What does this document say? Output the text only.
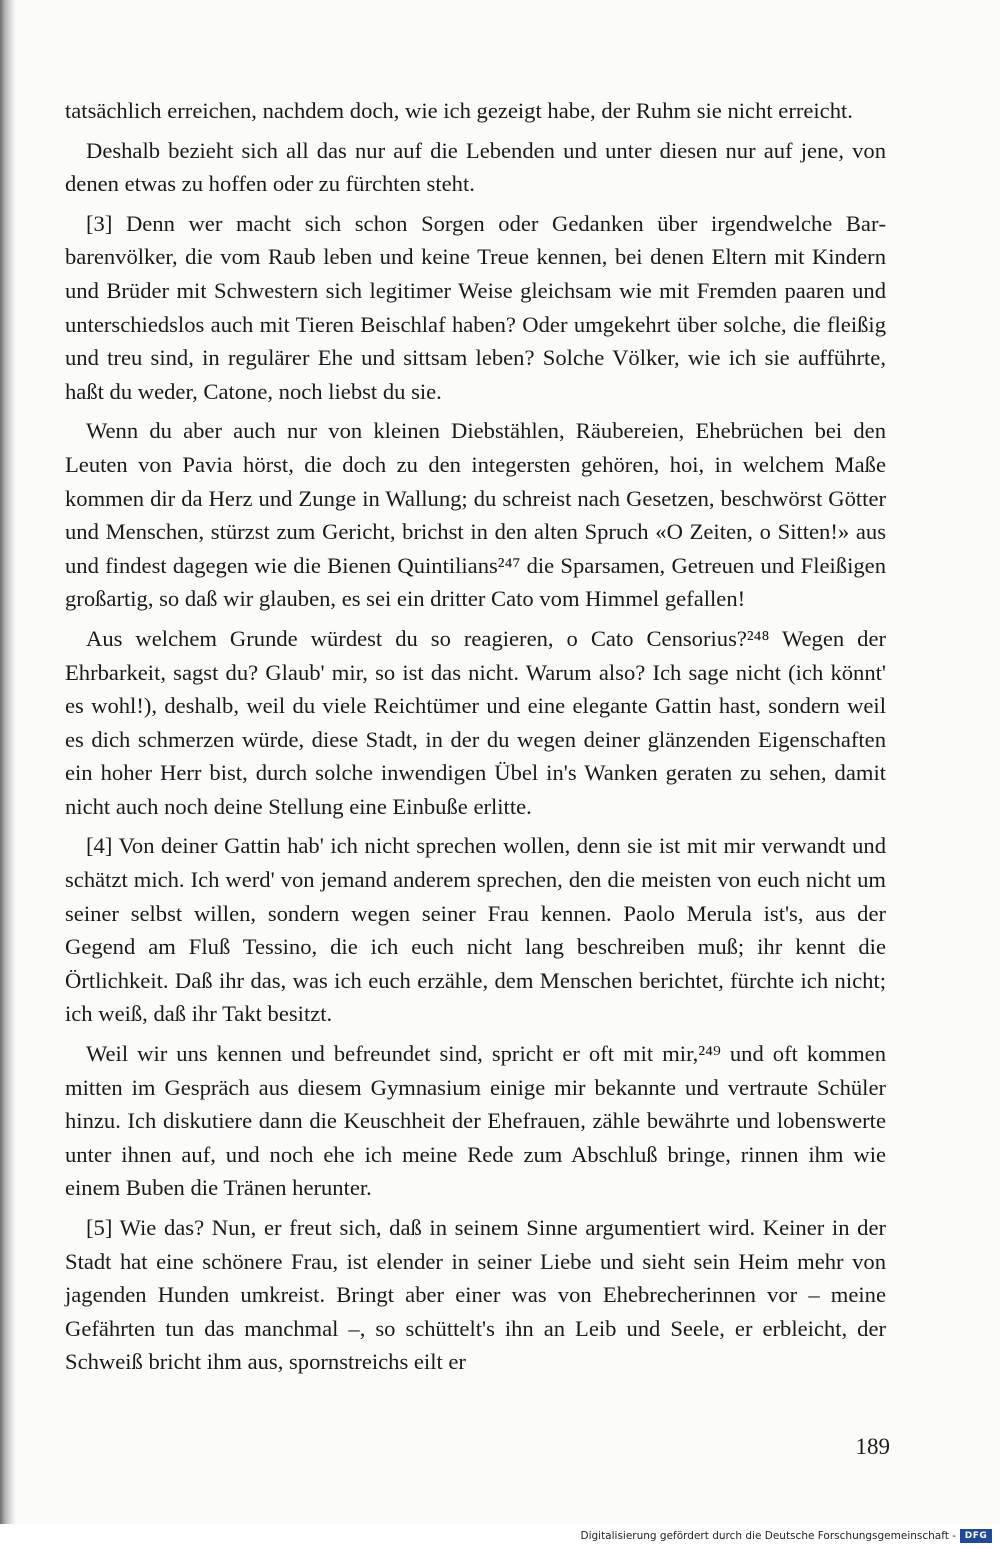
tatsächlich erreichen, nachdem doch, wie ich gezeigt habe, der Ruhm sie nicht erreicht.

Deshalb bezieht sich all das nur auf die Lebenden und unter diesen nur auf jene, von denen etwas zu hoffen oder zu fürchten steht.

[3] Denn wer macht sich schon Sorgen oder Gedanken über irgendwelche Barbarenvölker, die vom Raub leben und keine Treue kennen, bei denen Eltern mit Kindern und Brüder mit Schwestern sich legitimer Weise gleichsam wie mit Fremden paaren und unterschiedslos auch mit Tieren Beischlaf haben? Oder umgekehrt über solche, die fleißig und treu sind, in regulärer Ehe und sittsam leben? Solche Völker, wie ich sie aufführte, haßt du weder, Catone, noch liebst du sie.

Wenn du aber auch nur von kleinen Diebstählen, Räubereien, Ehebrüchen bei den Leuten von Pavia hörst, die doch zu den integersten gehören, hoi, in welchem Maße kommen dir da Herz und Zunge in Wallung; du schreist nach Gesetzen, beschwörst Götter und Menschen, stürzst zum Gericht, brichst in den alten Spruch «O Zeiten, o Sitten!» aus und findest dagegen wie die Bienen Quintilians²⁴⁷ die Sparsamen, Getreuen und Fleißigen großartig, so daß wir glauben, es sei ein dritter Cato vom Himmel gefallen!

Aus welchem Grunde würdest du so reagieren, o Cato Censorius?²⁴⁸ Wegen der Ehrbarkeit, sagst du? Glaub' mir, so ist das nicht. Warum also? Ich sage nicht (ich könnt' es wohl!), deshalb, weil du viele Reichtümer und eine elegante Gattin hast, sondern weil es dich schmerzen würde, diese Stadt, in der du wegen deiner glänzenden Eigenschaften ein hoher Herr bist, durch solche inwendigen Übel in's Wanken geraten zu sehen, damit nicht auch noch deine Stellung eine Einbuße erlitte.

[4] Von deiner Gattin hab' ich nicht sprechen wollen, denn sie ist mit mir verwandt und schätzt mich. Ich werd' von jemand anderem sprechen, den die meisten von euch nicht um seiner selbst willen, sondern wegen seiner Frau kennen. Paolo Merula ist's, aus der Gegend am Fluß Tessino, die ich euch nicht lang beschreiben muß; ihr kennt die Örtlichkeit. Daß ihr das, was ich euch erzähle, dem Menschen berichtet, fürchte ich nicht; ich weiß, daß ihr Takt besitzt.

Weil wir uns kennen und befreundet sind, spricht er oft mit mir,²⁴⁹ und oft kommen mitten im Gespräch aus diesem Gymnasium einige mir bekannte und vertraute Schüler hinzu. Ich diskutiere dann die Keuschheit der Ehefrauen, zähle bewährte und lobenswerte unter ihnen auf, und noch ehe ich meine Rede zum Abschluß bringe, rinnen ihm wie einem Buben die Tränen herunter.

[5] Wie das? Nun, er freut sich, daß in seinem Sinne argumentiert wird. Keiner in der Stadt hat eine schönere Frau, ist elender in seiner Liebe und sieht sein Heim mehr von jagenden Hunden umkreist. Bringt aber einer was von Ehebrecherinnen vor – meine Gefährten tun das manchmal –, so schüttelt's ihn an Leib und Seele, er erbleicht, der Schweiß bricht ihm aus, spornstreichs eilt er

189
Digitalisierung gefördert durch die Deutsche Forschungsgemeinschaft - DFG
